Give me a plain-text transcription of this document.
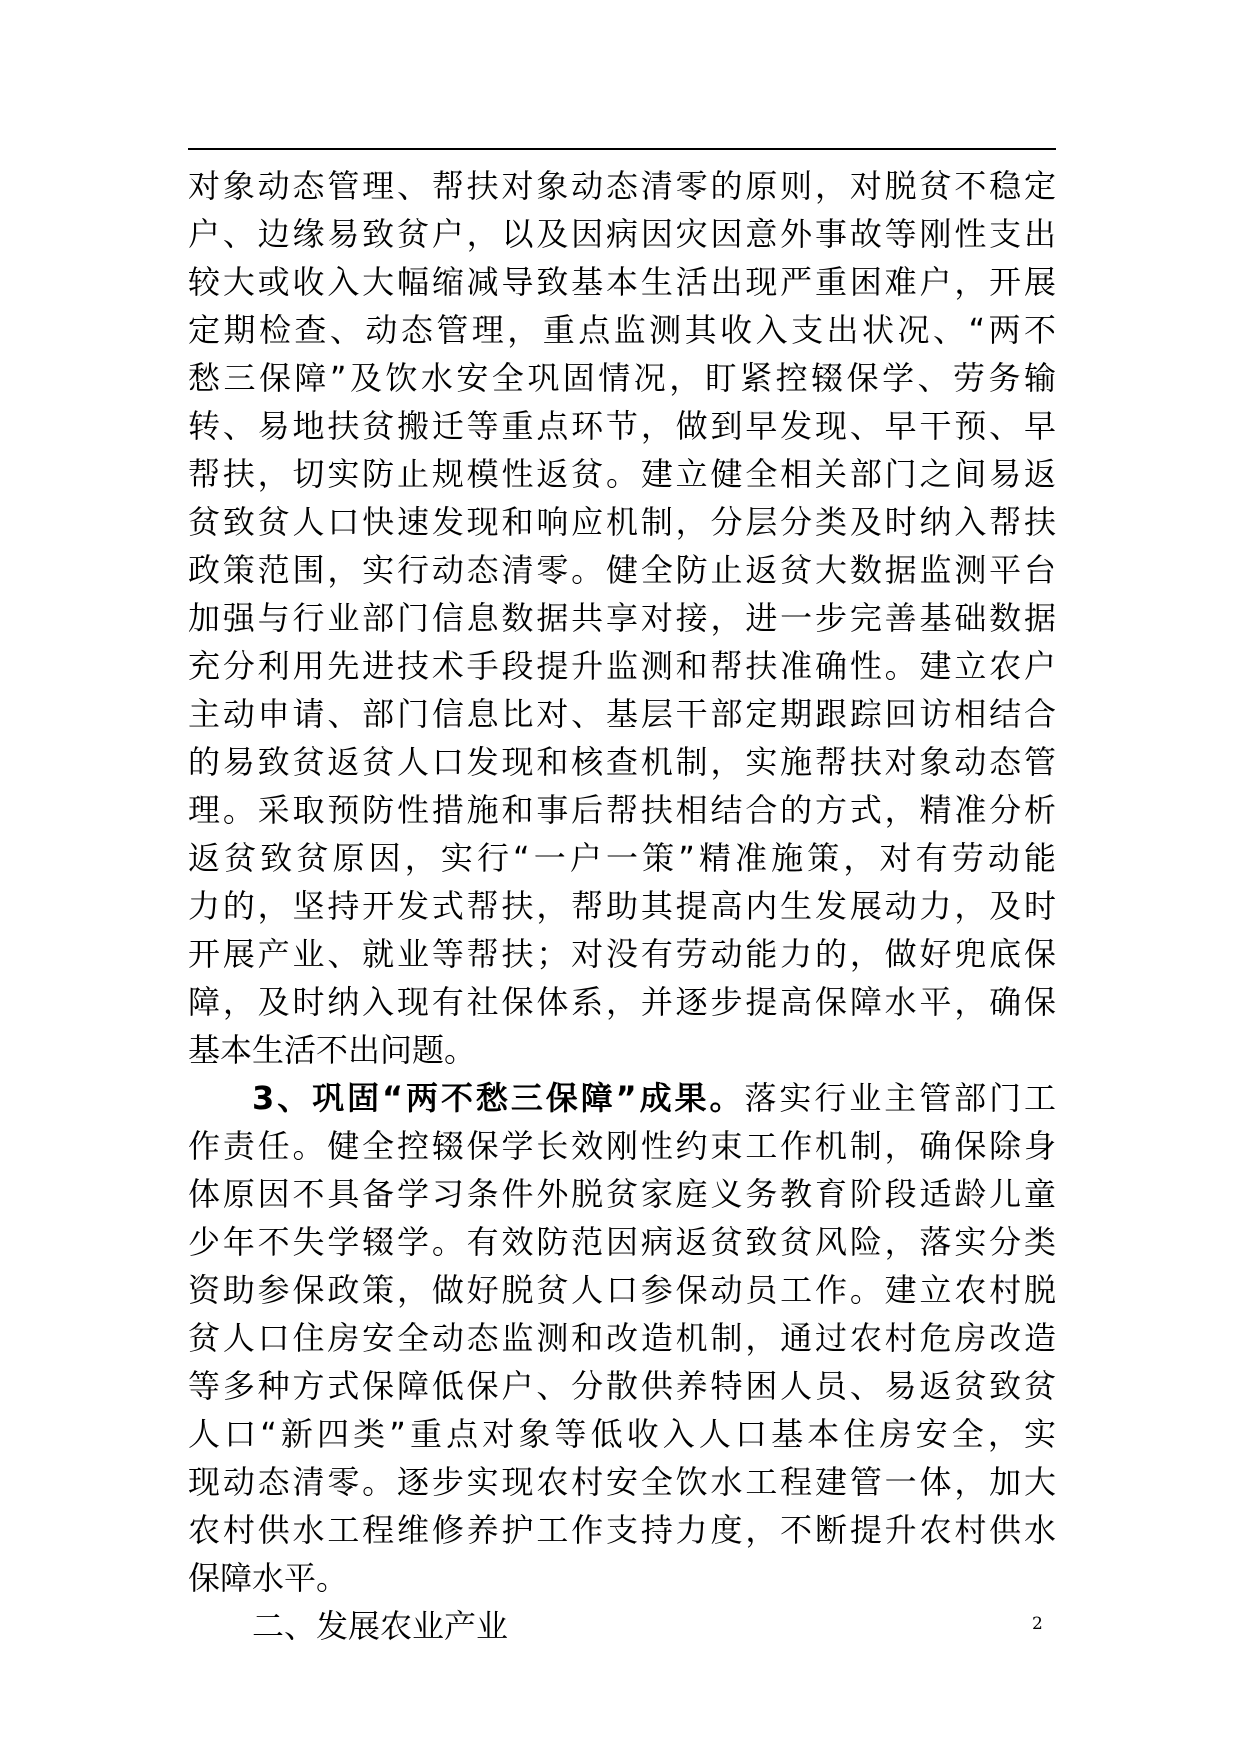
对象动态管理、帮扶对象动态清零的原则，对脱贫不稳定
户、边缘易致贫户，以及因病因灾因意外事故等刚性支出
较大或收入大幅缩减导致基本生活出现严重困难户，开展
定期检查、动态管理，重点监测其收入支出状况、“两不
愁三保障”及饮水安全巩固情况，盯紧控辍保学、劳务输
转、易地扶贫搬迁等重点环节，做到早发现、早干预、早
帮扶，切实防止规模性返贫。建立健全相关部门之间易返
贫致贫人口快速发现和响应机制，分层分类及时纳入帮扶
政策范围，实行动态清零。健全防止返贫大数据监测平台
加强与行业部门信息数据共享对接，进一步完善基础数据
充分利用先进技术手段提升监测和帮扶准确性。建立农户
主动申请、部门信息比对、基层干部定期跟踪回访相结合
的易致贫返贫人口发现和核查机制，实施帮扶对象动态管
理。采取预防性措施和事后帮扶相结合的方式，精准分析
返贫致贫原因，实行“一户一策”精准施策，对有劳动能
力的，坚持开发式帮扶，帮助其提高内生发展动力，及时
开展产业、就业等帮扶；对没有劳动能力的，做好兜底保
障，及时纳入现有社保体系，并逐步提高保障水平，确保
基本生活不出问题。
3、巩固“两不愁三保障”成果。落实行业主管部门工
作责任。健全控辍保学长效刚性约束工作机制，确保除身
体原因不具备学习条件外脱贫家庭义务教育阶段适龄儿童
少年不失学辍学。有效防范因病返贫致贫风险，落实分类
资助参保政策，做好脱贫人口参保动员工作。建立农村脱
贫人口住房安全动态监测和改造机制，通过农村危房改造
等多种方式保障低保户、分散供养特困人员、易返贫致贫
人口“新四类”重点对象等低收入人口基本住房安全，实
现动态清零。逐步实现农村安全饮水工程建管一体，加大
农村供水工程维修养护工作支持力度，不断提升农村供水
保障水平。
二、发展农业产业	2
